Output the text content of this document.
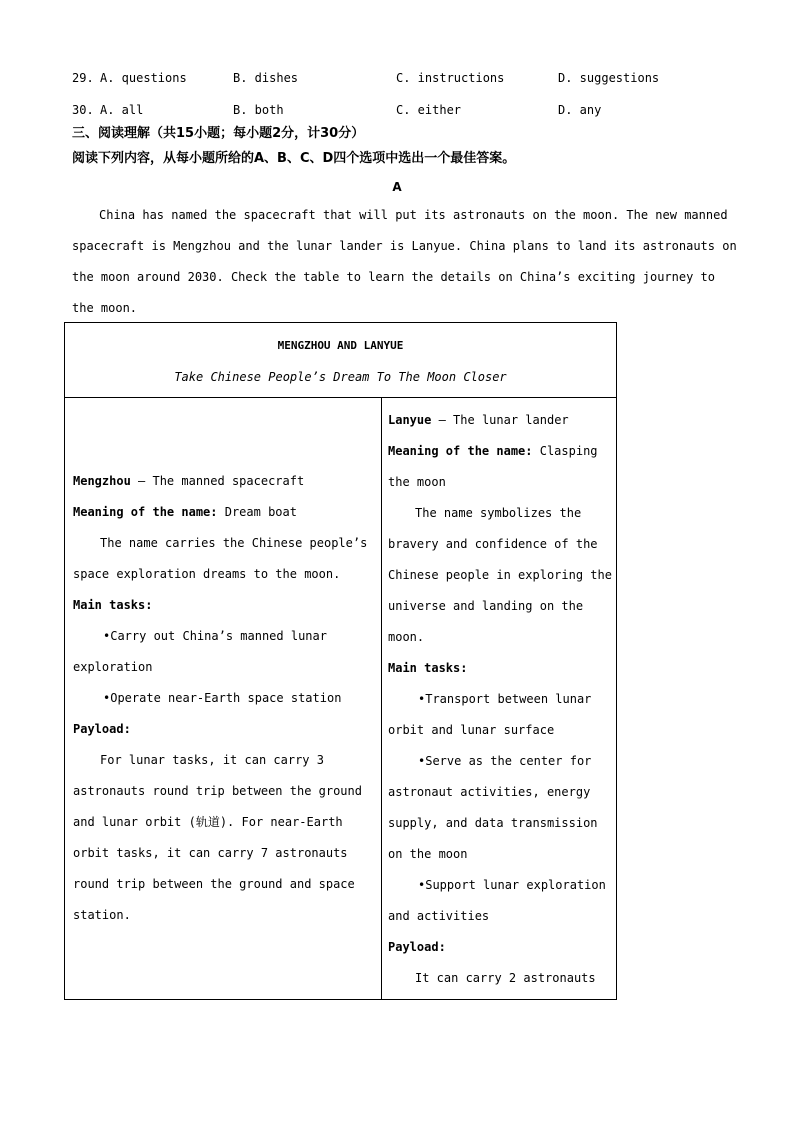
29. A. questions	B. dishes	C. instructions	D. suggestions
30. A. all	B. both	C. either	D. any
三、阅读理解（共15小题；每小题2分，计30分）
阅读下列内容，从每小题所给的A、B、C、D四个选项中选出一个最佳答案。
A
China has named the spacecraft that will put its astronauts on the moon. The new manned
spacecraft is Mengzhou and the lunar lander is Lanyue. China plans to land its astronauts on
the moon around 2030. Check the table to learn the details on China’s exciting journey to
the moon.
MENGZHOU AND LANYUE
Take Chinese People’s Dream To The Moon Closer
Mengzhou — The manned spacecraft
Meaning of the name: Dream boat
The name carries the Chinese people’s
space exploration dreams to the moon.
Main tasks:
•Carry out China’s manned lunar
exploration
•Operate near-Earth space station
Payload:
For lunar tasks, it can carry 3
astronauts round trip between the ground
and lunar orbit (轨道). For near-Earth
orbit tasks, it can carry 7 astronauts
round trip between the ground and space
station.
Lanyue — The lunar lander
Meaning of the name: Clasping
the moon
The name symbolizes the
bravery and confidence of the
Chinese people in exploring the
universe and landing on the
moon.
Main tasks:
•Transport between lunar
orbit and lunar surface
•Serve as the center for
astronaut activities, energy
supply, and data transmission
on the moon
•Support lunar exploration
and activities
Payload:
It can carry 2 astronauts
